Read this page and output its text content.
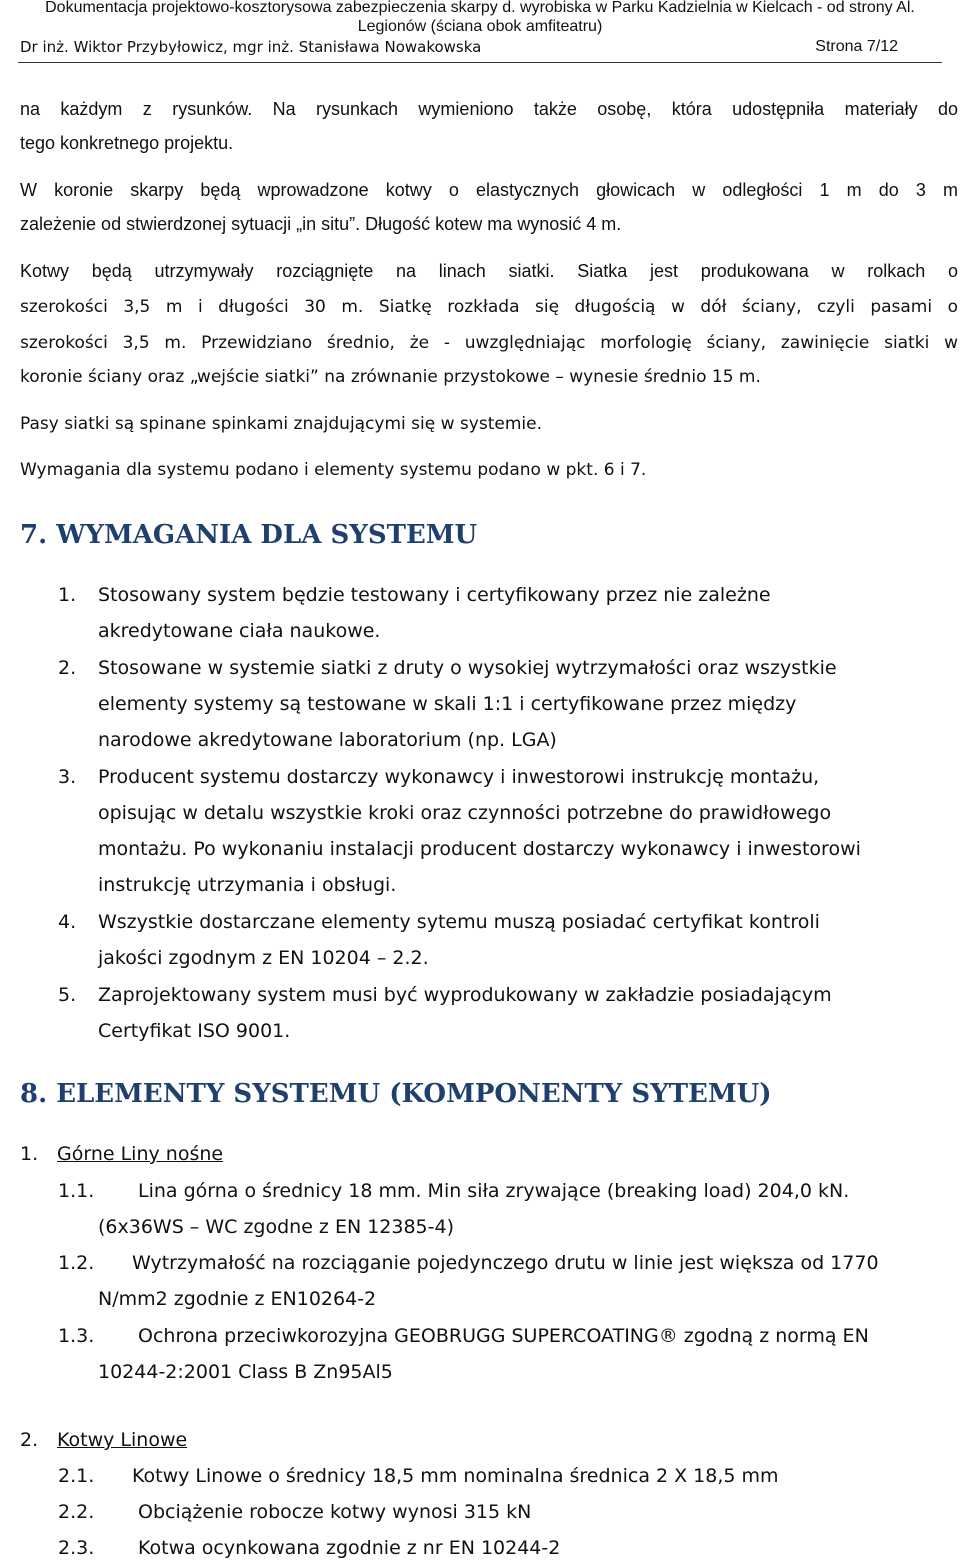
Dokumentacja projektowo-kosztorysowa zabezpieczenia skarpy d. wyrobiska w Parku Kadzielnia w Kielcach - od strony Al.
Legionów (ściana obok amfiteatru)
Dr inż. Wiktor Przybyłowicz, mgr inż. Stanisława Nowakowska	Strona 7/12
na każdym z rysunków. Na rysunkach wymieniono także osobę, która udostępniła materiały do
tego konkretnego projektu.
W koronie skarpy będą wprowadzone kotwy o elastycznych głowicach w odległości 1 m do 3 m
zależenie od stwierdzonej sytuacji „in situ”. Długość kotew ma wynosić 4 m.
Kotwy będą utrzymywały rozciągnięte na linach siatki. Siatka jest produkowana w rolkach o
szerokości 3,5 m i długości 30 m. Siatkę rozkłada się długością w dół ściany, czyli pasami o
szerokości 3,5 m. Przewidziano średnio, że - uwzględniając morfologię ściany, zawinięcie siatki w
koronie ściany oraz „wejście siatki” na zrównanie przystokowe – wynesie średnio 15 m.
Pasy siatki są spinane spinkami znajdującymi się w systemie.
Wymagania dla systemu podano i elementy systemu podano w pkt. 6 i 7.
7. WYMAGANIA DLA SYSTEMU
1. Stosowany system będzie testowany i certyfikowany przez nie zależne
akredytowane ciała naukowe.
2. Stosowane w systemie siatki z druty o wysokiej wytrzymałości oraz wszystkie
elementy systemy są testowane w skali 1:1 i certyfikowane przez między
narodowe akredytowane laboratorium (np. LGA)
3. Producent systemu dostarczy wykonawcy i inwestorowi instrukcję montażu,
opisując w detalu wszystkie kroki oraz czynności potrzebne do prawidłowego
montażu. Po wykonaniu instalacji producent dostarczy wykonawcy i inwestorowi
instrukcję utrzymania i obsługi.
4. Wszystkie dostarczane elementy sytemu muszą posiadać certyfikat kontroli
jakości zgodnym z EN 10204 – 2.2.
5. Zaprojektowany system musi być wyprodukowany w zakładzie posiadającym
Certyfikat ISO 9001.
8. ELEMENTY SYSTEMU (KOMPONENTY SYTEMU)
1. Górne Liny nośne
1.1. Lina górna o średnicy 18 mm. Min siła zrywające (breaking load) 204,0 kN.
(6x36WS – WC zgodne z EN 12385-4)
1.2. Wytrzymałość na rozciąganie pojedynczego drutu w linie jest większa od 1770
N/mm2 zgodnie z EN10264-2
1.3. Ochrona przeciwkorozyjna GEOBRUGG SUPERCOATING® zgodną z normą EN
10244-2:2001 Class B Zn95Al5
2. Kotwy Linowe
2.1. Kotwy Linowe o średnicy 18,5 mm nominalna średnica 2 X 18,5 mm
2.2. Obciążenie robocze kotwy wynosi 315 kN
2.3. Kotwa ocynkowana zgodnie z nr EN 10244-2
